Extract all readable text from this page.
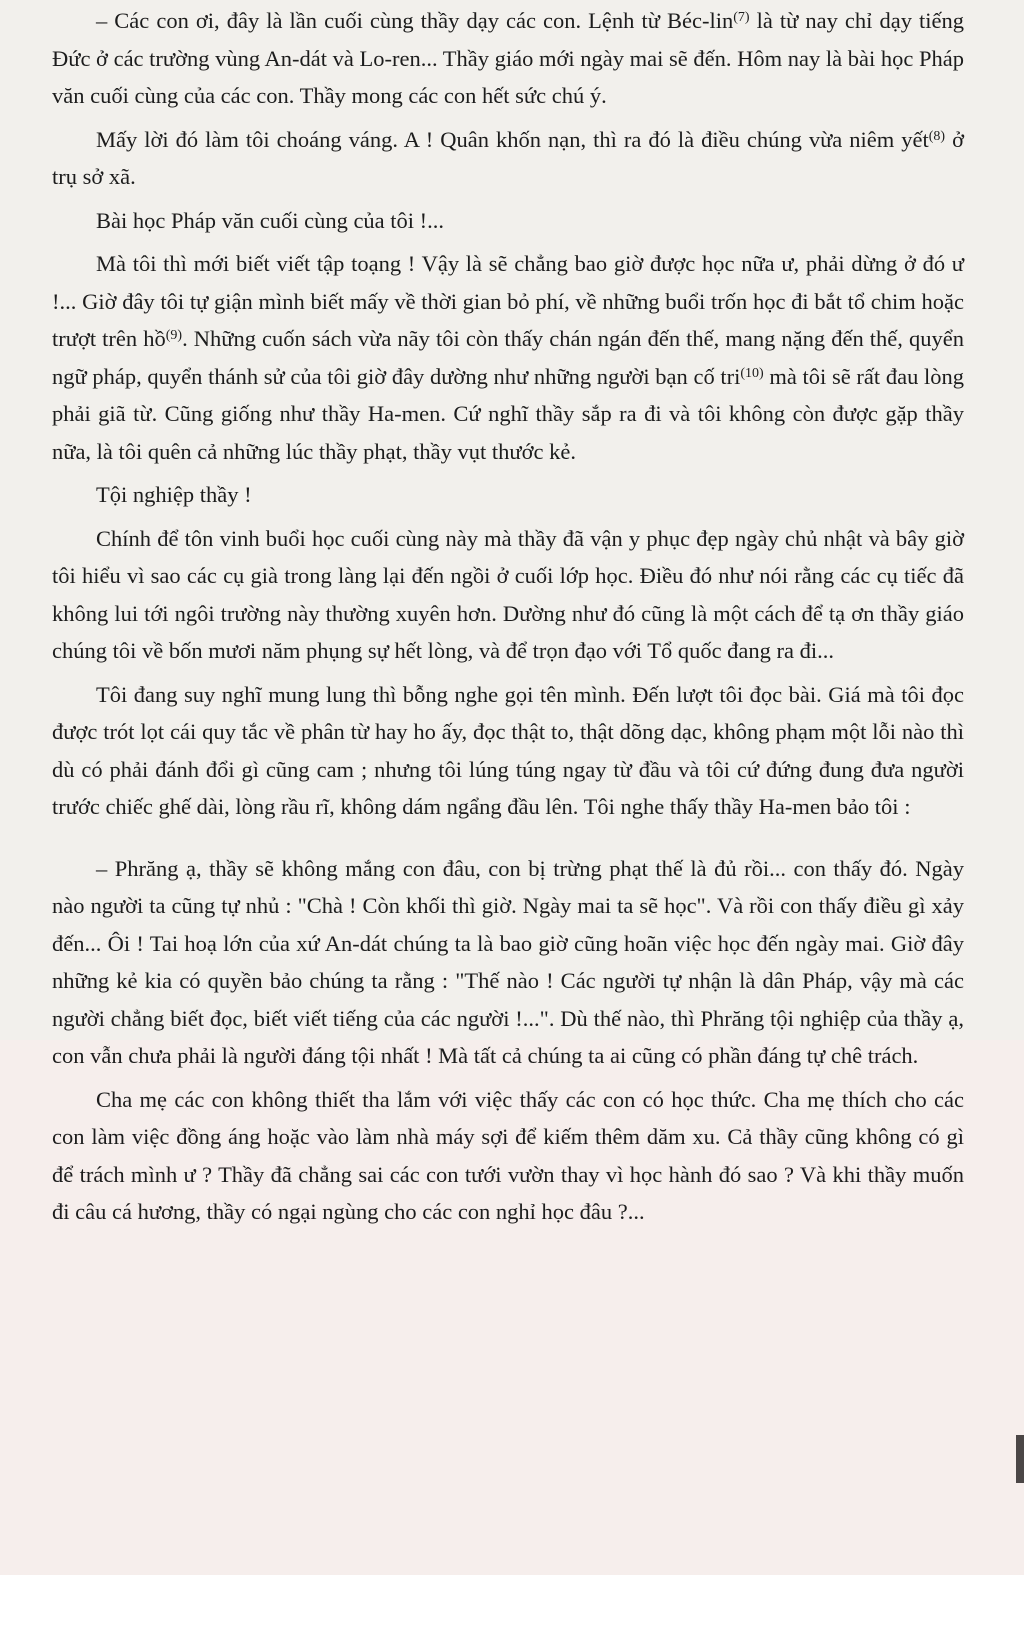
– Các con ơi, đây là lần cuối cùng thầy dạy các con. Lệnh từ Béc-lin$^{(7)}$ là từ nay chỉ dạy tiếng Đức ở các trường vùng An-dát và Lo-ren... Thầy giáo mới ngày mai sẽ đến. Hôm nay là bài học Pháp văn cuối cùng của các con. Thầy mong các con hết sức chú ý.

Mấy lời đó làm tôi choáng váng. A ! Quân khốn nạn, thì ra đó là điều chúng vừa niêm yết$^{(8)}$ ở trụ sở xã.

Bài học Pháp văn cuối cùng của tôi !...

Mà tôi thì mới biết viết tập toạng ! Vậy là sẽ chẳng bao giờ được học nữa ư, phải dừng ở đó ư !... Giờ đây tôi tự giận mình biết mấy về thời gian bỏ phí, về những buổi trốn học đi bắt tổ chim hoặc trượt trên hồ$^{(9)}$. Những cuốn sách vừa nãy tôi còn thấy chán ngán đến thế, mang nặng đến thế, quyển ngữ pháp, quyển thánh sử của tôi giờ đây dường như những người bạn cố tri$^{(10)}$ mà tôi sẽ rất đau lòng phải giã từ. Cũng giống như thầy Ha-men. Cứ nghĩ thầy sắp ra đi và tôi không còn được gặp thầy nữa, là tôi quên cả những lúc thầy phạt, thầy vụt thước kẻ.

Tội nghiệp thầy !

Chính để tôn vinh buổi học cuối cùng này mà thầy đã vận y phục đẹp ngày chủ nhật và bây giờ tôi hiểu vì sao các cụ già trong làng lại đến ngồi ở cuối lớp học. Điều đó như nói rằng các cụ tiếc đã không lui tới ngôi trường này thường xuyên hơn. Dường như đó cũng là một cách để tạ ơn thầy giáo chúng tôi về bốn mươi năm phụng sự hết lòng, và để trọn đạo với Tổ quốc đang ra đi...

Tôi đang suy nghĩ mung lung thì bỗng nghe gọi tên mình. Đến lượt tôi đọc bài. Giá mà tôi đọc được trót lọt cái quy tắc về phân từ hay ho ấy, đọc thật to, thật dõng dạc, không phạm một lỗi nào thì dù có phải đánh đổi gì cũng cam ; nhưng tôi lúng túng ngay từ đầu và tôi cứ đứng đung đưa người trước chiếc ghế dài, lòng rầu rĩ, không dám ngẩng đầu lên. Tôi nghe thấy thầy Ha-men bảo tôi :

– Phrăng ạ, thầy sẽ không mắng con đâu, con bị trừng phạt thế là đủ rồi... con thấy đó. Ngày nào người ta cũng tự nhủ : "Chà ! Còn khối thì giờ. Ngày mai ta sẽ học". Và rồi con thấy điều gì xảy đến... Ôi ! Tai hoạ lớn của xứ An-dát chúng ta là bao giờ cũng hoãn việc học đến ngày mai. Giờ đây những kẻ kia có quyền bảo chúng ta rằng : "Thế nào ! Các người tự nhận là dân Pháp, vậy mà các người chẳng biết đọc, biết viết tiếng của các người !...". Dù thế nào, thì Phrăng tội nghiệp của thầy ạ, con vẫn chưa phải là người đáng tội nhất ! Mà tất cả chúng ta ai cũng có phần đáng tự chê trách.

Cha mẹ các con không thiết tha lắm với việc thấy các con có học thức. Cha mẹ thích cho các con làm việc đồng áng hoặc vào làm nhà máy sợi để kiếm thêm dăm xu. Cả thầy cũng không có gì để trách mình ư ? Thầy đã chẳng sai các con tưới vườn thay vì học hành đó sao ? Và khi thầy muốn đi câu cá hương, thầy có ngại ngùng cho các con nghỉ học đâu ?...
